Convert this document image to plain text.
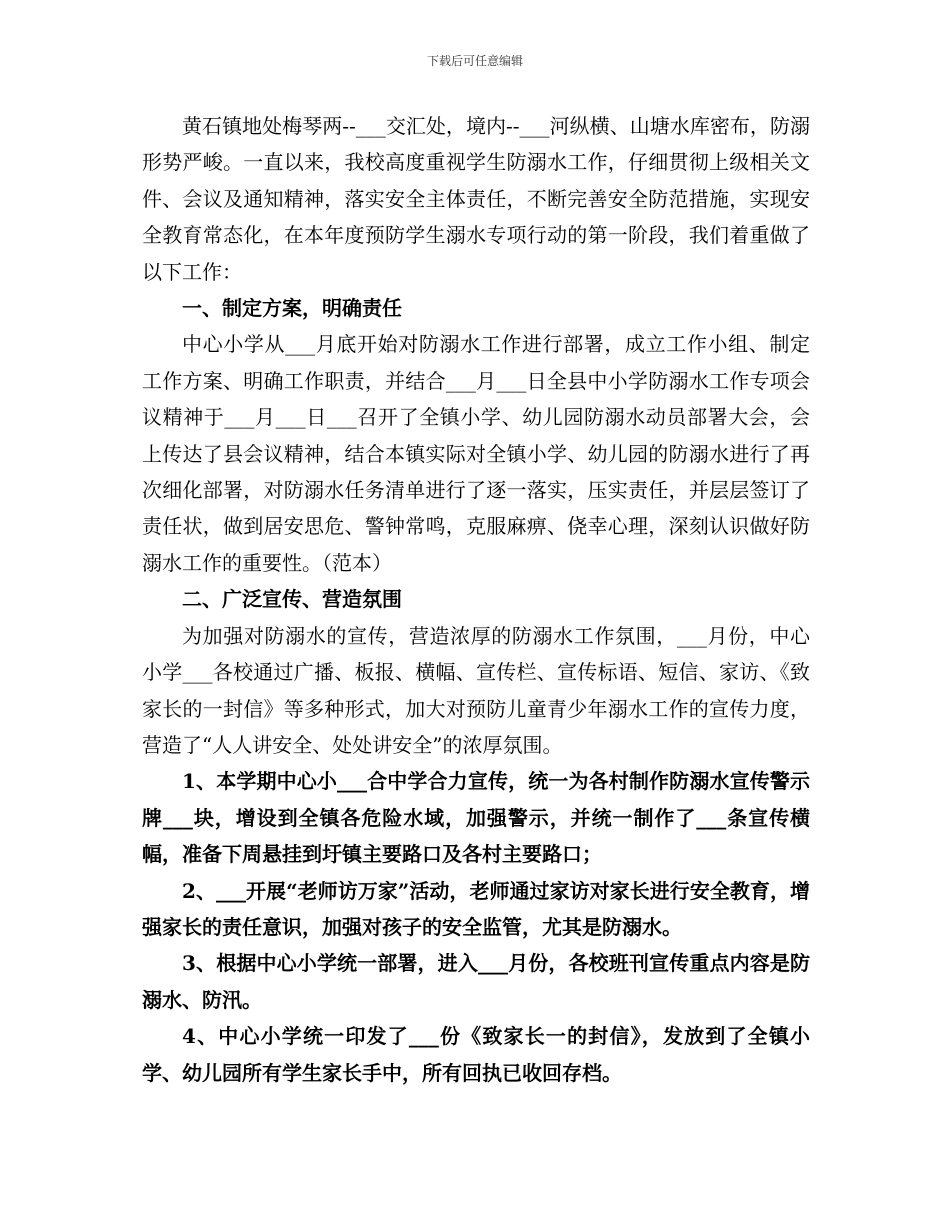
下载后可任意编辑

黄石镇地处梅琴两--___交汇处，境内--___河纵横、山塘水库密布，防溺形势严峻。一直以来，我校高度重视学生防溺水工作，仔细贯彻上级相关文件、会议及通知精神，落实安全主体责任，不断完善安全防范措施，实现安全教育常态化，在本年度预防学生溺水专项行动的第一阶段，我们着重做了以下工作：

一、制定方案，明确责任

中心小学从___月底开始对防溺水工作进行部署，成立工作小组、制定工作方案、明确工作职责，并结合___月___日全县中小学防溺水工作专项会议精神于___月___日___召开了全镇小学、幼儿园防溺水动员部署大会，会上传达了县会议精神，结合本镇实际对全镇小学、幼儿园的防溺水进行了再次细化部署，对防溺水任务清单进行了逐一落实，压实责任，并层层签订了责任状，做到居安思危、警钟常鸣，克服麻痹、侥幸心理，深刻认识做好防溺水工作的重要性。（范本）

二、广泛宣传、营造氛围

为加强对防溺水的宣传，营造浓厚的防溺水工作氛围，___月份，中心小学___各校通过广播、板报、横幅、宣传栏、宣传标语、短信、家访、《致家长的一封信》等多种形式，加大对预防儿童青少年溺水工作的宣传力度，营造了“人人讲安全、处处讲安全”的浓厚氛围。

1、本学期中心小___合中学合力宣传，统一为各村制作防溺水宣传警示牌___块，增设到全镇各危险水域，加强警示，并统一制作了___条宣传横幅，准备下周悬挂到圩镇主要路口及各村主要路口；

2、___开展“老师访万家”活动，老师通过家访对家长进行安全教育，增强家长的责任意识，加强对孩子的安全监管，尤其是防溺水。

3、根据中心小学统一部署，进入___月份，各校班刊宣传重点内容是防溺水、防汛。

4、中心小学统一印发了___份《致家长一的封信》，发放到了全镇小学、幼儿园所有学生家长手中，所有回执已收回存档。
